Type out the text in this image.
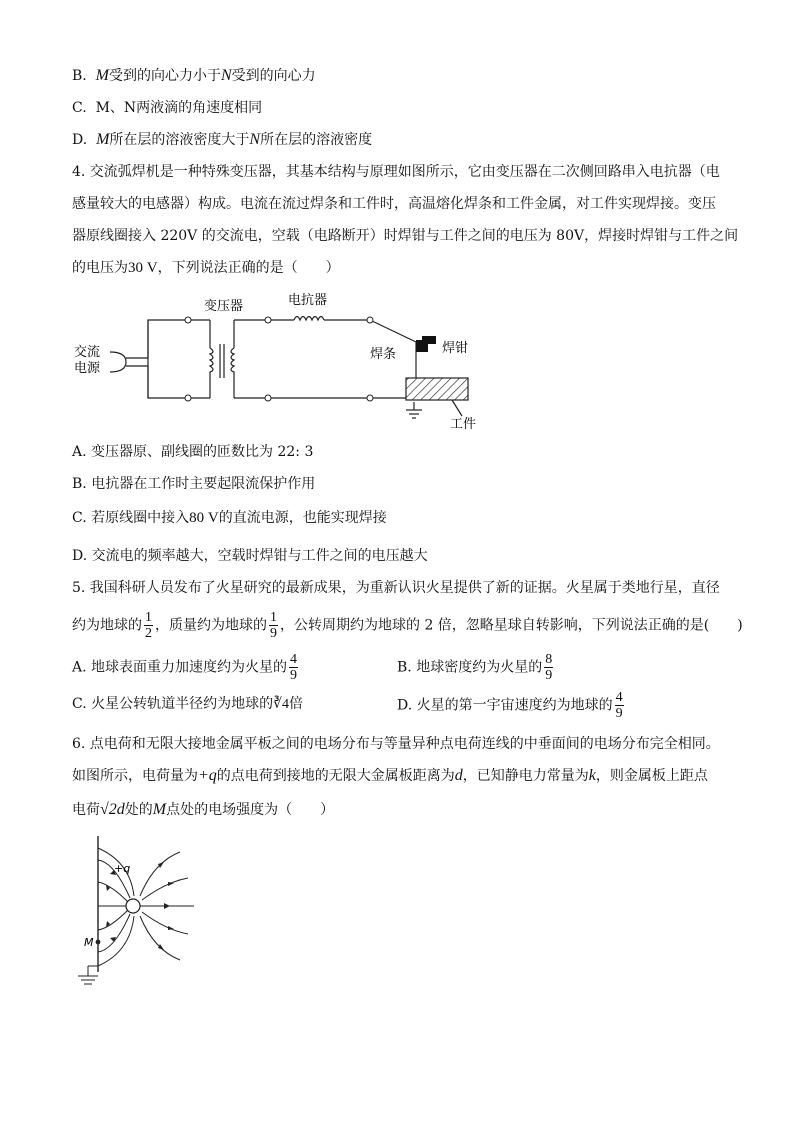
B. M受到的向心力小于N受到的向心力
C. M、N两液滴的角速度相同
D. M所在层的溶液密度大于N所在层的溶液密度
4. 交流弧焊机是一种特殊变压器，其基本结构与原理如图所示，它由变压器在二次侧回路串入电抗器（电
感量较大的电感器）构成。电流在流过焊条和工件时，高温熔化焊条和工件金属，对工件实现焊接。变压
器原线圈接入 220V 的交流电，空载（电路断开）时焊钳与工件之间的电压为 80V，焊接时焊钳与工件之间
的电压为30 V，下列说法正确的是（　　）
交流
电源
变压器	电抗器
焊钳
焊条
工件
A. 变压器原、副线圈的匝数比为 22: 3
B. 电抗器在工作时主要起限流保护作用
C. 若原线圈中接入80 V的直流电源，也能实现焊接
D. 交流电的频率越大，空载时焊钳与工件之间的电压越大
5. 我国科研人员发布了火星研究的最新成果，为重新认识火星提供了新的证据。火星属于类地行星，直径
约为地球的 $\frac{1}{2}$ ，质量约为地球的 $\frac{1}{9}$ ，公转周期约为地球的 2 倍，忽略星球自转影响，下列说法正确的是(　　)
A. 地球表面重力加速度约为火星的 $\frac{4}{9}$	B. 地球密度约为火星的 $\frac{8}{9}$
C. 火星公转轨道半径约为地球的∛4倍	D. 火星的第一宇宙速度约为地球的 $\frac{4}{9}$
6. 点电荷和无限大接地金属平板之间的电场分布与等量异种点电荷连线的中垂面间的电场分布完全相同。
如图所示，电荷量为+q的点电荷到接地的无限大金属板距离为d，已知静电力常量为k，则金属板上距点
电荷√2d处的M点处的电场强度为（　　）
+q
M
